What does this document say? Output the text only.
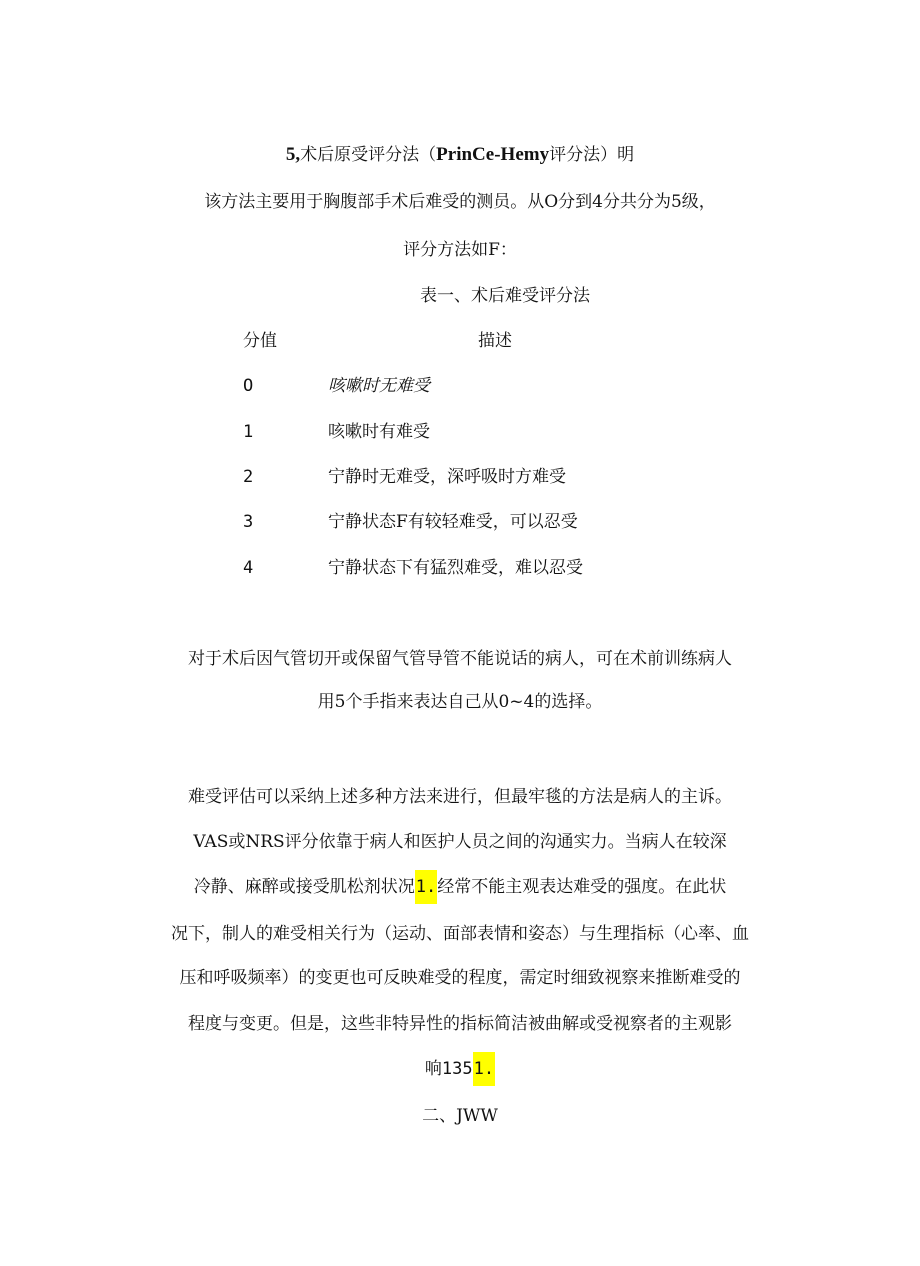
5,术后原受评分法（PrinCe-Hemy评分法）明
该方法主要用于胸腹部手术后难受的测员。从O分到4分共分为5级，
评分方法如F：
表一、术后难受评分法
分值	描述
O	咳嗽时无难受
1	咳嗽时有难受
2	宁静时无难受，深呼吸时方难受
3	宁静状态F有较轻难受，可以忍受
4	宁静状态下有猛烈难受，难以忍受
对于术后因气管切开或保留气管导管不能说话的病人，可在术前训练病人
用5个手指来表达自己从0~4的选择。
难受评估可以采纳上述多种方法来进行，但最牢毯的方法是病人的主诉。
VAS或NRS评分依靠于病人和医护人员之间的沟通实力。当病人在较深
冷静、麻醉或接受肌松剂状况1.经常不能主观表达难受的强度。在此状
况下，制人的难受相关行为（运动、面部表情和姿态）与生理指标（心率、血
压和呼吸频率）的变更也可反映难受的程度，需定时细致视察来推断难受的
程度与变更。但是，这些非特异性的指标简洁被曲解或受视察者的主观影
响1351.
二、JWW
